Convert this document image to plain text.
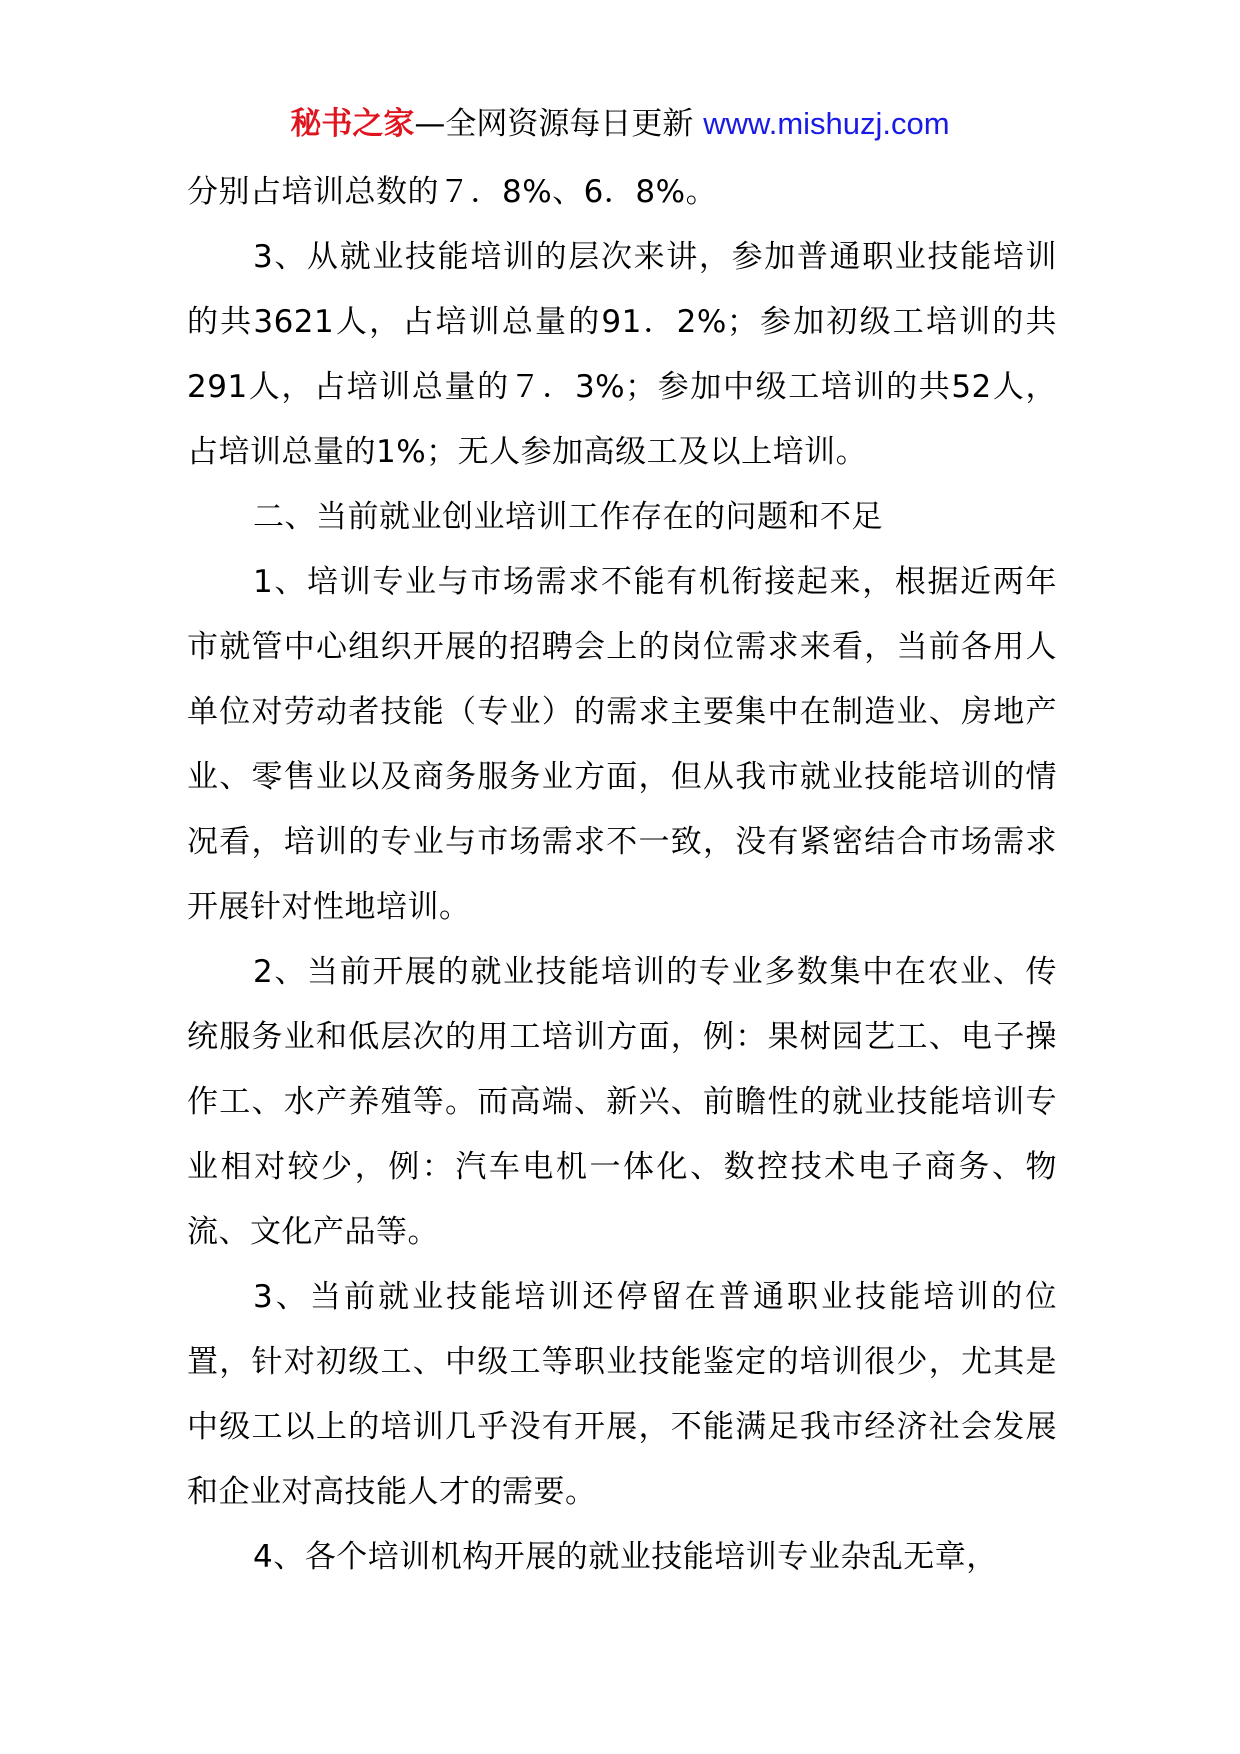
秘书之家—全网资源每日更新 www.mishuzj.com

分别占培训总数的７．8%、6．8%。

3、从就业技能培训的层次来讲，参加普通职业技能培训的共3621人，占培训总量的91．2%；参加初级工培训的共291人，占培训总量的７．3%；参加中级工培训的共52人，占培训总量的1%；无人参加高级工及以上培训。

二、当前就业创业培训工作存在的问题和不足

1、培训专业与市场需求不能有机衔接起来，根据近两年市就管中心组织开展的招聘会上的岗位需求来看，当前各用人单位对劳动者技能（专业）的需求主要集中在制造业、房地产业、零售业以及商务服务业方面，但从我市就业技能培训的情况看，培训的专业与市场需求不一致，没有紧密结合市场需求开展针对性地培训。

2、当前开展的就业技能培训的专业多数集中在农业、传统服务业和低层次的用工培训方面，例：果树园艺工、电子操作工、水产养殖等。而高端、新兴、前瞻性的就业技能培训专业相对较少，例：汽车电机一体化、数控技术电子商务、物流、文化产品等。

3、当前就业技能培训还停留在普通职业技能培训的位置，针对初级工、中级工等职业技能鉴定的培训很少，尤其是中级工以上的培训几乎没有开展，不能满足我市经济社会发展和企业对高技能人才的需要。

4、各个培训机构开展的就业技能培训专业杂乱无章，
